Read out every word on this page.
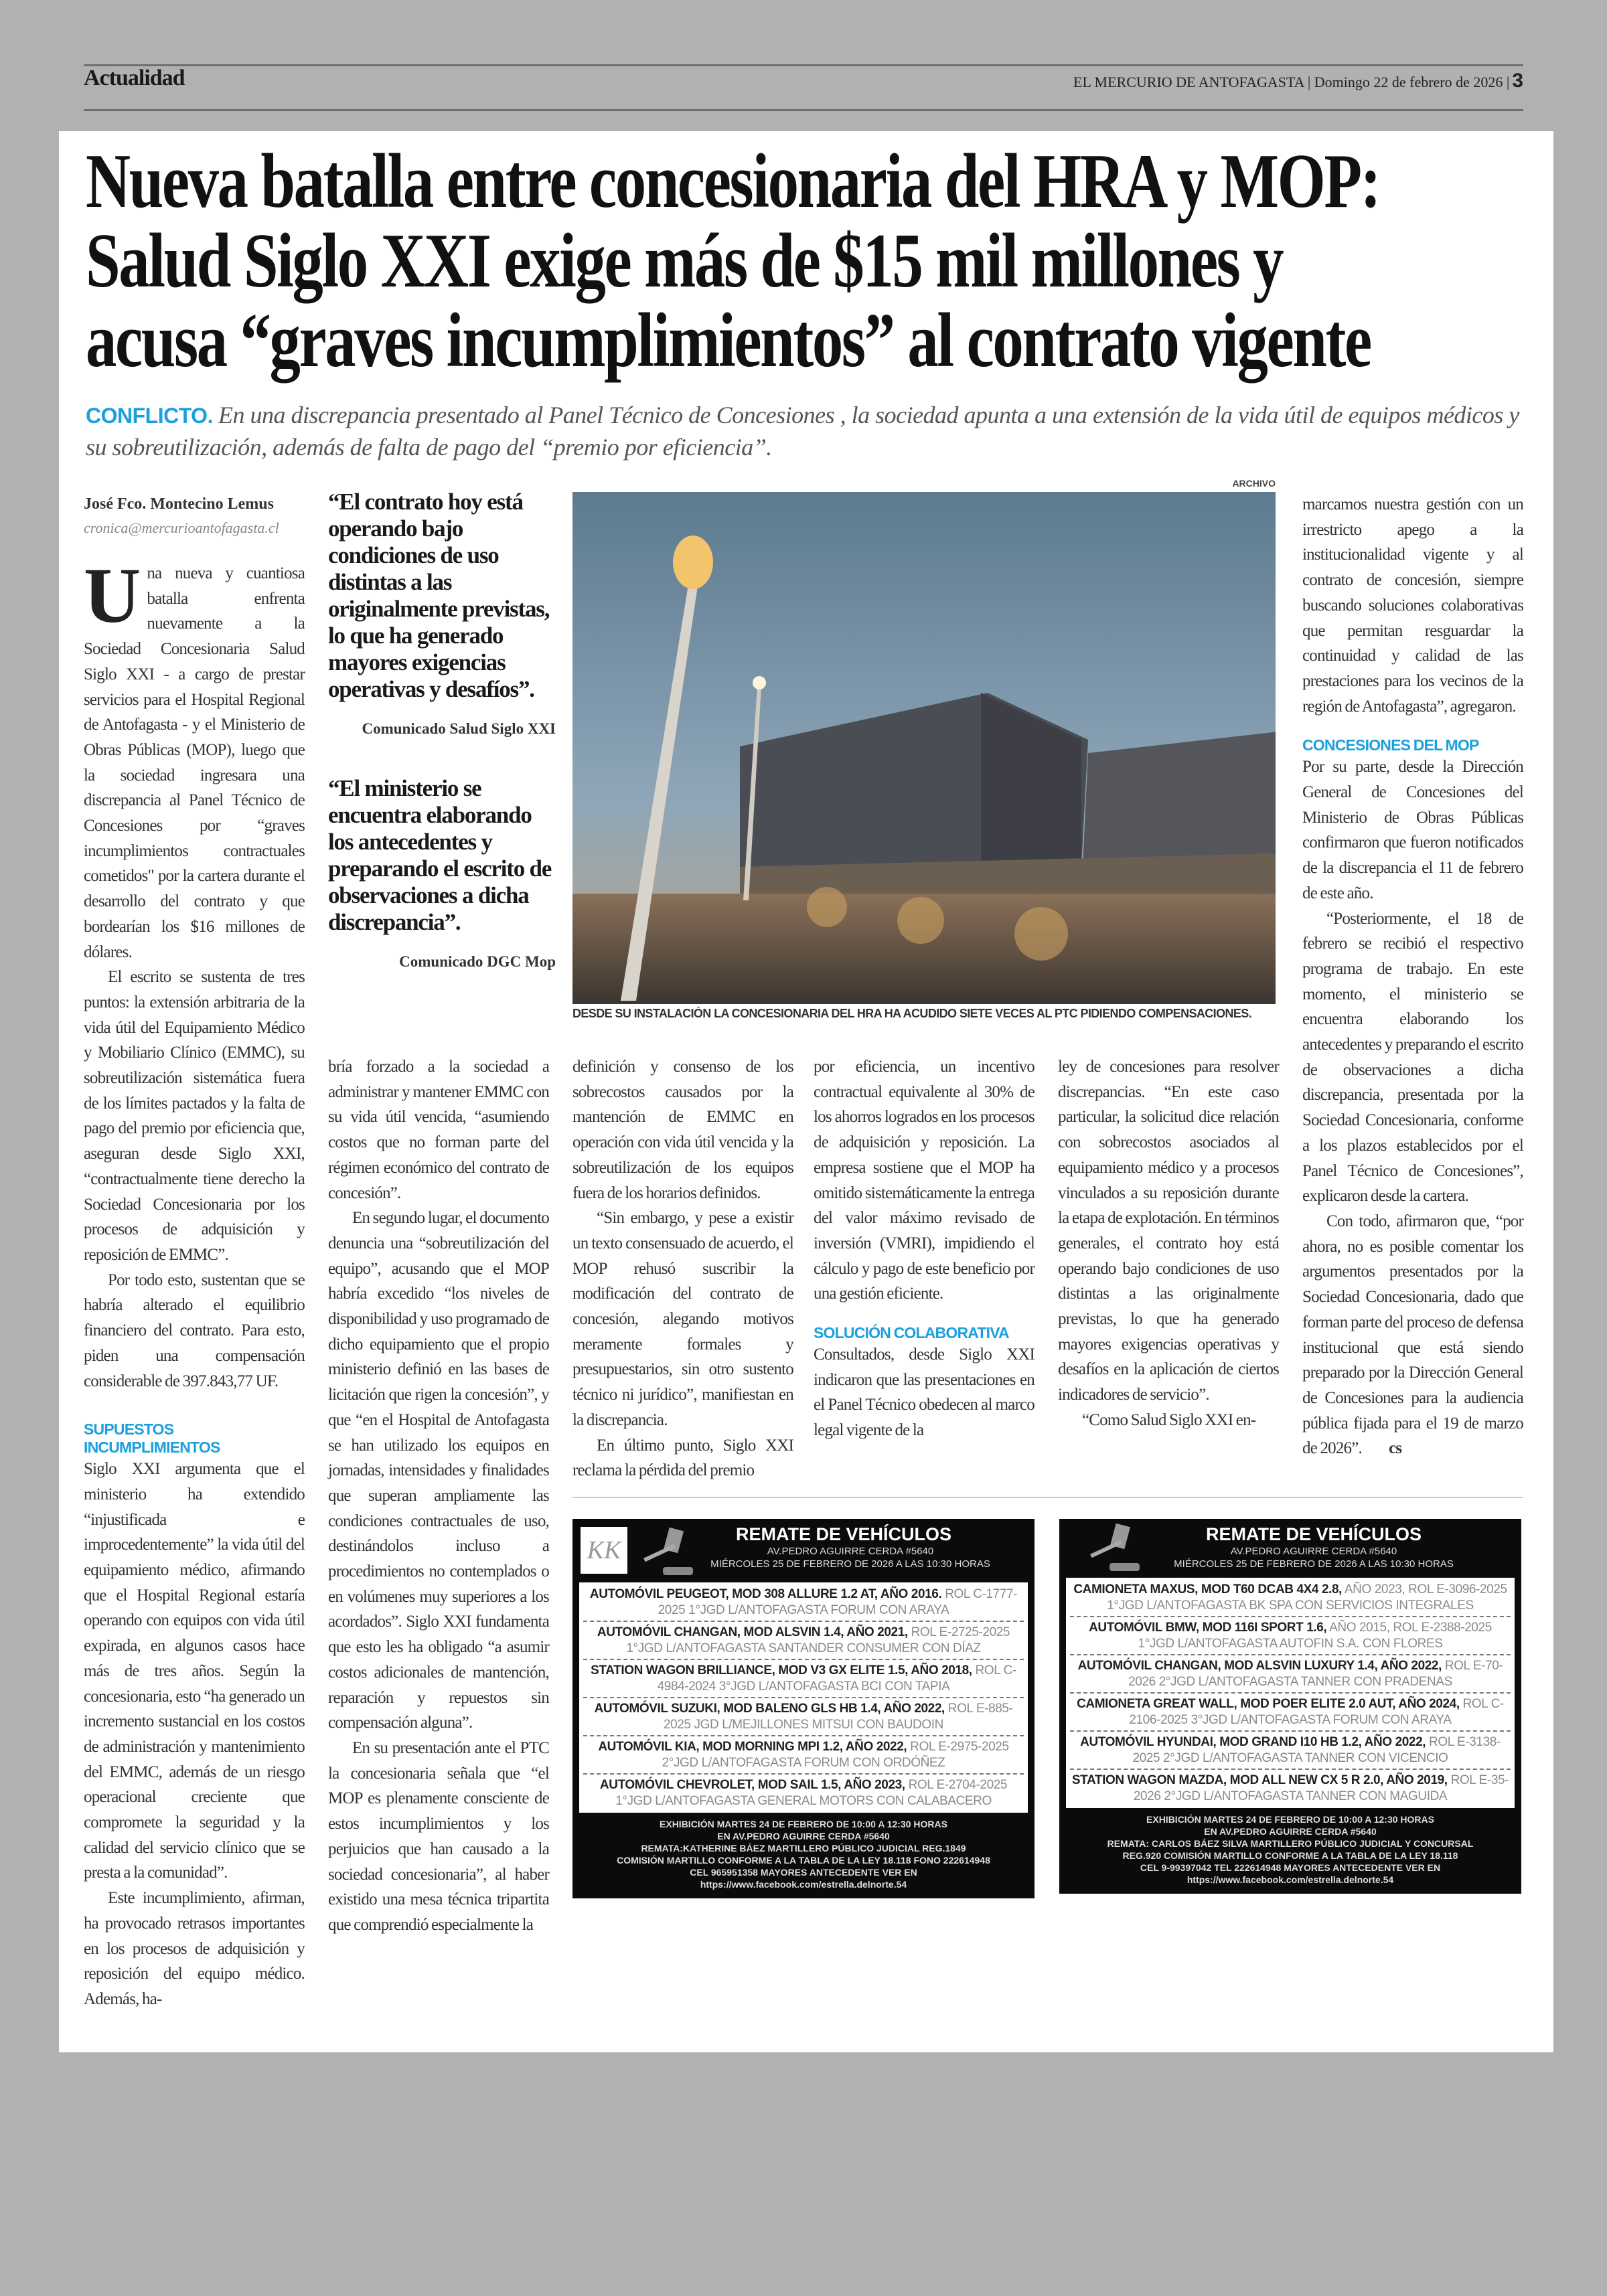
Actualidad	EL MERCURIO DE ANTOFAGASTA | Domingo 22 de febrero de 2026 | 3
Nueva batalla entre concesionaria del HRA y MOP:
Salud Siglo XXI exige más de $15 mil millones y
acusa “graves incumplimientos” al contrato vigente
CONFLICTO. En una discrepancia presentado al Panel Técnico de Concesiones , la sociedad apunta a una extensión de la vida útil de equipos médicos y su sobreutilización, además de falta de pago del “premio por eficiencia”.
José Fco. Montecino Lemus
cronica@mercurioantofagasta.cl

Una nueva y cuantiosa batalla enfrenta nuevamente a la Sociedad Concesionaria Salud Siglo XXI - a cargo de prestar servicios para el Hospital Regional de Antofagasta - y el Ministerio de Obras Públicas (MOP), luego que la sociedad ingresara una discrepancia al Panel Técnico de Concesiones por “graves incumplimientos contractuales cometidos" por la cartera durante el desarrollo del contrato y que bordearían los $16 millones de dólares.

El escrito se sustenta de tres puntos: la extensión arbitraria de la vida útil del Equipamiento Médico y Mobiliario Clínico (EMMC), su sobreutilización sistemática fuera de los límites pactados y la falta de pago del premio por eficiencia que, aseguran desde Siglo XXI, “contractualmente tiene derecho la Sociedad Concesionaria por los procesos de adquisición y reposición de EMMC”.

Por todo esto, sustentan que se habría alterado el equilibrio financiero del contrato. Para esto, piden una compensación considerable de 397.843,77 UF.

SUPUESTOS INCUMPLIMIENTOS

Siglo XXI argumenta que el ministerio ha extendido “injustificada e improcedentemente” la vida útil del equipamiento médico, afirmando que el Hospital Regional estaría operando con equipos con vida útil expirada, en algunos casos hace más de tres años. Según la concesionaria, esto “ha generado un incremento sustancial en los costos de administración y mantenimiento del EMMC, además de un riesgo operacional creciente que compromete la seguridad y la calidad del servicio clínico que se presta a la comunidad”.

Este incumplimiento, afirman, ha provocado retrasos importantes en los procesos de adquisición y reposición del equipo médico. Además, ha-

“El contrato hoy está operando bajo condiciones de uso distintas a las originalmente previstas, lo que ha generado mayores exigencias operativas y desafíos”.
Comunicado Salud Siglo XXI
“El ministerio se encuentra elaborando los antecedentes y preparando el escrito de observaciones a dicha discrepancia”.
Comunicado DGC Mop
ARCHIVO
DESDE SU INSTALACIÓN LA CONCESIONARIA DEL HRA HA ACUDIDO SIETE VECES AL PTC PIDIENDO COMPENSACIONES.

bría forzado a la sociedad a administrar y mantener EMMC con su vida útil vencida, “asumiendo costos que no forman parte del régimen económico del contrato de concesión”.

En segundo lugar, el documento denuncia una “sobreutilización del equipo”, acusando que el MOP habría excedido “los niveles de disponibilidad y uso programado de dicho equipamiento que el propio ministerio definió en las bases de licitación que rigen la concesión”, y que “en el Hospital de Antofagasta se han utilizado los equipos en jornadas, intensidades y finalidades que superan ampliamente las condiciones contractuales de uso, destinándolos incluso a procedimientos no contemplados o en volúmenes muy superiores a los acordados”. Siglo XXI fundamenta que esto les ha obligado “a asumir costos adicionales de mantención, reparación y repuestos sin compensación alguna”.

En su presentación ante el PTC la concesionaria señala que “el MOP es plenamente consciente de estos incumplimientos y los perjuicios que han causado a la sociedad concesionaria”, al haber existido una mesa técnica tripartita que comprendió especialmente la

definición y consenso de los sobrecostos causados por la mantención de EMMC en operación con vida útil vencida y la sobreutilización de los equipos fuera de los horarios definidos.

“Sin embargo, y pese a existir un texto consensuado de acuerdo, el MOP rehusó suscribir la modificación del contrato de concesión, alegando motivos meramente formales y presupuestarios, sin otro sustento técnico ni jurídico”, manifiestan en la discrepancia.

En último punto, Siglo XXI reclama la pérdida del premio

por eficiencia, un incentivo contractual equivalente al 30% de los ahorros logrados en los procesos de adquisición y reposición. La empresa sostiene que el MOP ha omitido sistemáticamente la entrega del valor máximo revisado de inversión (VMRI), impidiendo el cálculo y pago de este beneficio por una gestión eficiente.

SOLUCIÓN COLABORATIVA

Consultados, desde Siglo XXI indicaron que las presentaciones en el Panel Técnico obedecen al marco legal vigente de la

ley de concesiones para resolver discrepancias. “En este caso particular, la solicitud dice relación con sobrecostos asociados al equipamiento médico y a procesos vinculados a su reposición durante la etapa de explotación. En términos generales, el contrato hoy está operando bajo condiciones de uso distintas a las originalmente previstas, lo que ha generado mayores exigencias operativas y desafíos en la aplicación de ciertos indicadores de servicio”.

“Como Salud Siglo XXI en-

marcamos nuestra gestión con un irrestricto apego a la institucionalidad vigente y al contrato de concesión, siempre buscando soluciones colaborativas que permitan resguardar la continuidad y calidad de las prestaciones para los vecinos de la región de Antofagasta”, agregaron.

CONCESIONES DEL MOP

Por su parte, desde la Dirección General de Concesiones del Ministerio de Obras Públicas confirmaron que fueron notificados de la discrepancia el 11 de febrero de este año.

“Posteriormente, el 18 de febrero se recibió el respectivo programa de trabajo. En este momento, el ministerio se encuentra elaborando los antecedentes y preparando el escrito de observaciones a dicha discrepancia, presentada por la Sociedad Concesionaria, conforme a los plazos establecidos por el Panel Técnico de Concesiones”, explicaron desde la cartera.

Con todo, afirmaron que, “por ahora, no es posible comentar los argumentos presentados por la Sociedad Concesionaria, dado que forman parte del proceso de defensa institucional que está siendo preparado por la Dirección General de Concesiones para la audiencia pública fijada para el 19 de marzo de 2026”. cs

KK
REMATE DE VEHÍCULOS
AV.PEDRO AGUIRRE CERDA #5640
MIÉRCOLES 25 DE FEBRERO DE 2026 A LAS 10:30 HORAS
AUTOMÓVIL PEUGEOT, MOD 308 ALLURE 1.2 AT, AÑO 2016. ROL C-1777-2025 1°JGD L/ANTOFAGASTA FORUM CON ARAYA
AUTOMÓVIL CHANGAN, MOD ALSVIN 1.4, AÑO 2021, ROL E-2725-2025 1°JGD L/ANTOFAGASTA SANTANDER CONSUMER CON DÍAZ
STATION WAGON BRILLIANCE, MOD V3 GX ELITE 1.5, AÑO 2018, ROL C-4984-2024 3°JGD L/ANTOFAGASTA BCI CON TAPIA
AUTOMÓVIL SUZUKI, MOD BALENO GLS HB 1.4, AÑO 2022, ROL E-885-2025 JGD L/MEJILLONES MITSUI CON BAUDOIN
AUTOMÓVIL KIA, MOD MORNING MPI 1.2, AÑO 2022, ROL E-2975-2025 2°JGD L/ANTOFAGASTA FORUM CON ORDÓÑEZ
AUTOMÓVIL CHEVROLET, MOD SAIL 1.5, AÑO 2023, ROL E-2704-2025 1°JGD L/ANTOFAGASTA GENERAL MOTORS CON CALABACERO
EXHIBICIÓN MARTES 24 DE FEBRERO DE 10:00 A 12:30 HORAS
EN AV.PEDRO AGUIRRE CERDA #5640
REMATA:KATHERINE BÁEZ MARTILLERO PÚBLICO JUDICIAL REG.1849
COMISIÓN MARTILLO CONFORME A LA TABLA DE LA LEY 18.118 FONO 222614948
CEL 965951358 MAYORES ANTECEDENTE VER EN
https://www.facebook.com/estrella.delnorte.54
REMATE DE VEHÍCULOS
AV.PEDRO AGUIRRE CERDA #5640
MIÉRCOLES 25 DE FEBRERO DE 2026 A LAS 10:30 HORAS
CAMIONETA MAXUS, MOD T60 DCAB 4X4 2.8, AÑO 2023, ROL E-3096-2025 1°JGD L/ANTOFAGASTA BK SPA CON SERVICIOS INTEGRALES
AUTOMÓVIL BMW, MOD 116I SPORT 1.6, AÑO 2015, ROL E-2388-2025 1°JGD L/ANTOFAGASTA AUTOFIN S.A. CON FLORES
AUTOMÓVIL CHANGAN, MOD ALSVIN LUXURY 1.4, AÑO 2022, ROL E-70-2026 2°JGD L/ANTOFAGASTA TANNER CON PRADENAS
CAMIONETA GREAT WALL, MOD POER ELITE 2.0 AUT, AÑO 2024, ROL C-2106-2025 3°JGD L/ANTOFAGASTA FORUM CON ARAYA
AUTOMÓVIL HYUNDAI, MOD GRAND I10 HB 1.2, AÑO 2022, ROL E-3138-2025 2°JGD L/ANTOFAGASTA TANNER CON VICENCIO
STATION WAGON MAZDA, MOD ALL NEW CX 5 R 2.0, AÑO 2019, ROL E-35-2026 2°JGD L/ANTOFAGASTA TANNER CON MAGUIDA
EXHIBICIÓN MARTES 24 DE FEBRERO DE 10:00 A 12:30 HORAS
EN AV.PEDRO AGUIRRE CERDA #5640
REMATA: CARLOS BÁEZ SILVA MARTILLERO PÚBLICO JUDICIAL Y CONCURSAL
REG.920 COMISIÓN MARTILLO CONFORME A LA TABLA DE LA LEY 18.118
CEL 9-99397042 TEL 222614948 MAYORES ANTECEDENTE VER EN
https://www.facebook.com/estrella.delnorte.54
